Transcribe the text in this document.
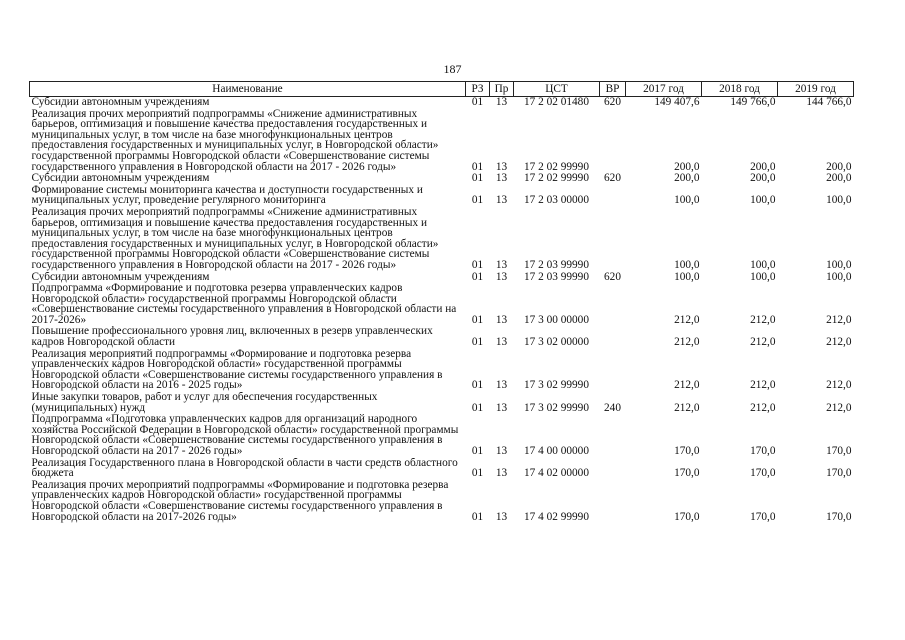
187
Наименование	РЗ	Пр	ЦСТ	ВР	2017 год	2018 год	2019 год
Субсидии автономным учреждениям	01	13	17 2 02 01480	620	149 407,6	149 766,0	144 766,0
Реализация прочих мероприятий подпрограммы «Снижение административных барьеров, оптимизация и повышение качества предоставления государственных и муниципальных услуг, в том числе на базе многофункциональных центров предоставления государственных и муниципальных услуг, в Новгородской области» государственной программы Новгородской области «Совершенствование системы государственного управления в Новгородской области на 2017 - 2026 годы»	01	13	17 2 02 99990		200,0	200,0	200,0
Субсидии автономным учреждениям	01	13	17 2 02 99990	620	200,0	200,0	200,0
Формирование системы мониторинга качества и доступности государственных и муниципальных услуг, проведение регулярного мониторинга	01	13	17 2 03 00000		100,0	100,0	100,0
Реализация прочих мероприятий подпрограммы «Снижение административных барьеров, оптимизация и повышение качества предоставления государственных и муниципальных услуг, в том числе на базе многофункциональных центров предоставления государственных и муниципальных услуг, в Новгородской области» государственной программы Новгородской области «Совершенствование системы государственного управления в Новгородской области на 2017 - 2026 годы»	01	13	17 2 03 99990		100,0	100,0	100,0
Субсидии автономным учреждениям	01	13	17 2 03 99990	620	100,0	100,0	100,0
Подпрограмма «Формирование и подготовка резерва управленческих кадров Новгородской области» государственной программы Новгородской области «Совершенствование системы государственного управления в Новгородской области на 2017-2026»	01	13	17 3 00 00000		212,0	212,0	212,0
Повышение профессионального уровня лиц, включенных в резерв управленческих кадров Новгородской области	01	13	17 3 02 00000		212,0	212,0	212,0
Реализация мероприятий подпрограммы «Формирование и подготовка резерва управленческих кадров Новгородской области» государственной программы Новгородской области «Совершенствование системы государственного управления в Новгородской области на 2016 - 2025 годы»	01	13	17 3 02 99990		212,0	212,0	212,0
Иные закупки товаров, работ и услуг для обеспечения государственных (муниципальных) нужд	01	13	17 3 02 99990	240	212,0	212,0	212,0
Подпрограмма «Подготовка управленческих кадров для организаций народного хозяйства Российской Федерации в Новгородской области» государственной программы Новгородской области «Совершенствование системы государственного управления в Новгородской области на 2017 - 2026 годы»	01	13	17 4 00 00000		170,0	170,0	170,0
Реализация Государственного плана в Новгородской области в части средств областного бюджета	01	13	17 4 02 00000		170,0	170,0	170,0
Реализация прочих мероприятий подпрограммы «Формирование и подготовка резерва управленческих кадров Новгородской области» государственной программы Новгородской области «Совершенствование системы государственного управления в Новгородской области на 2017-2026 годы»	01	13	17 4 02 99990		170,0	170,0	170,0
